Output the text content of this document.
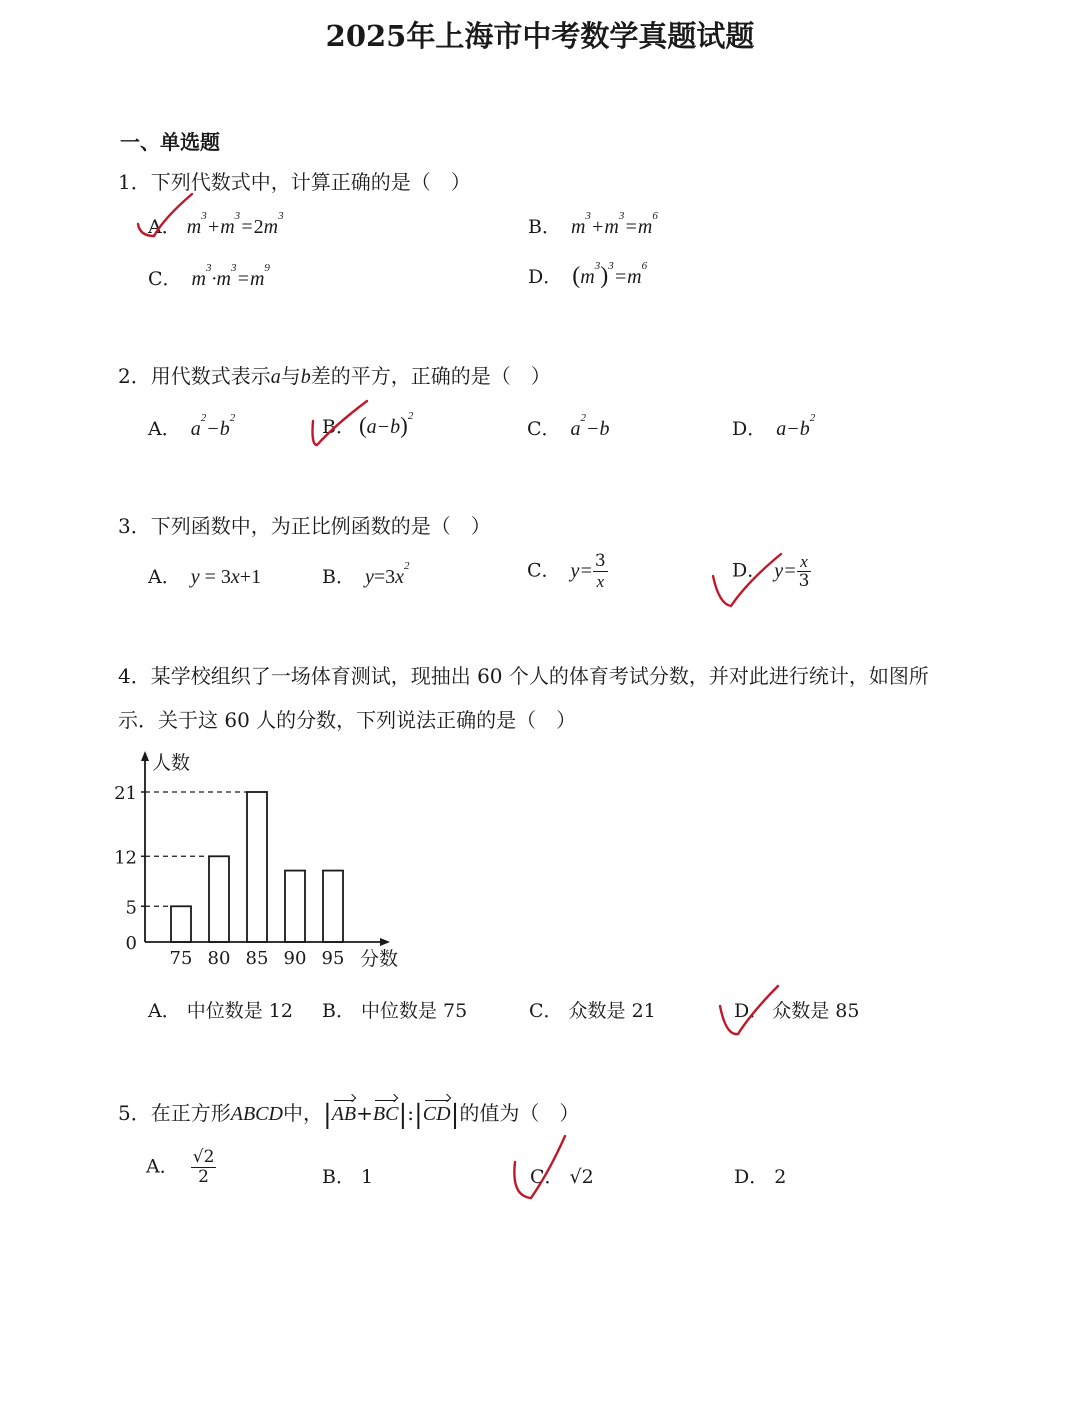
2025年上海市中考数学真题试题
一、单选题
1．下列代数式中，计算正确的是（　）
A． $m^3+m^3=2m^3$	B． $m^3+m^3=m^6$
C． $m^3\cdot m^3=m^9$	D． $(m^3)^3=m^6$
2．用代数式表示a与b差的平方，正确的是（　）
A． $a^2-b^2$	B． $(a-b)^2$
C． $a^2-b$	D． $a-b^2$
3．下列函数中，为正比例函数的是（　）
A． y = 3x+1	B． $y=3x^2$	C． $y= \frac{3}{x}$	D． $y= \frac{x}{3}$
4．某学校组织了一场体育测试，现抽出 60 个人的体育考试分数，并对此进行统计，如图所
示．关于这 60 人的分数，下列说法正确的是（　）
人数
分数
75 80 85 90 95
21
12
5
0
A． 中位数是 12 B． 中位数是 75	C． 众数是 21	D． 众数是 85
5．在正方形ABCD中，|AB+BC|:|CD|的值为（　）
A． $\frac{√2}{2}$	B． 1	C． √2	D． 2
